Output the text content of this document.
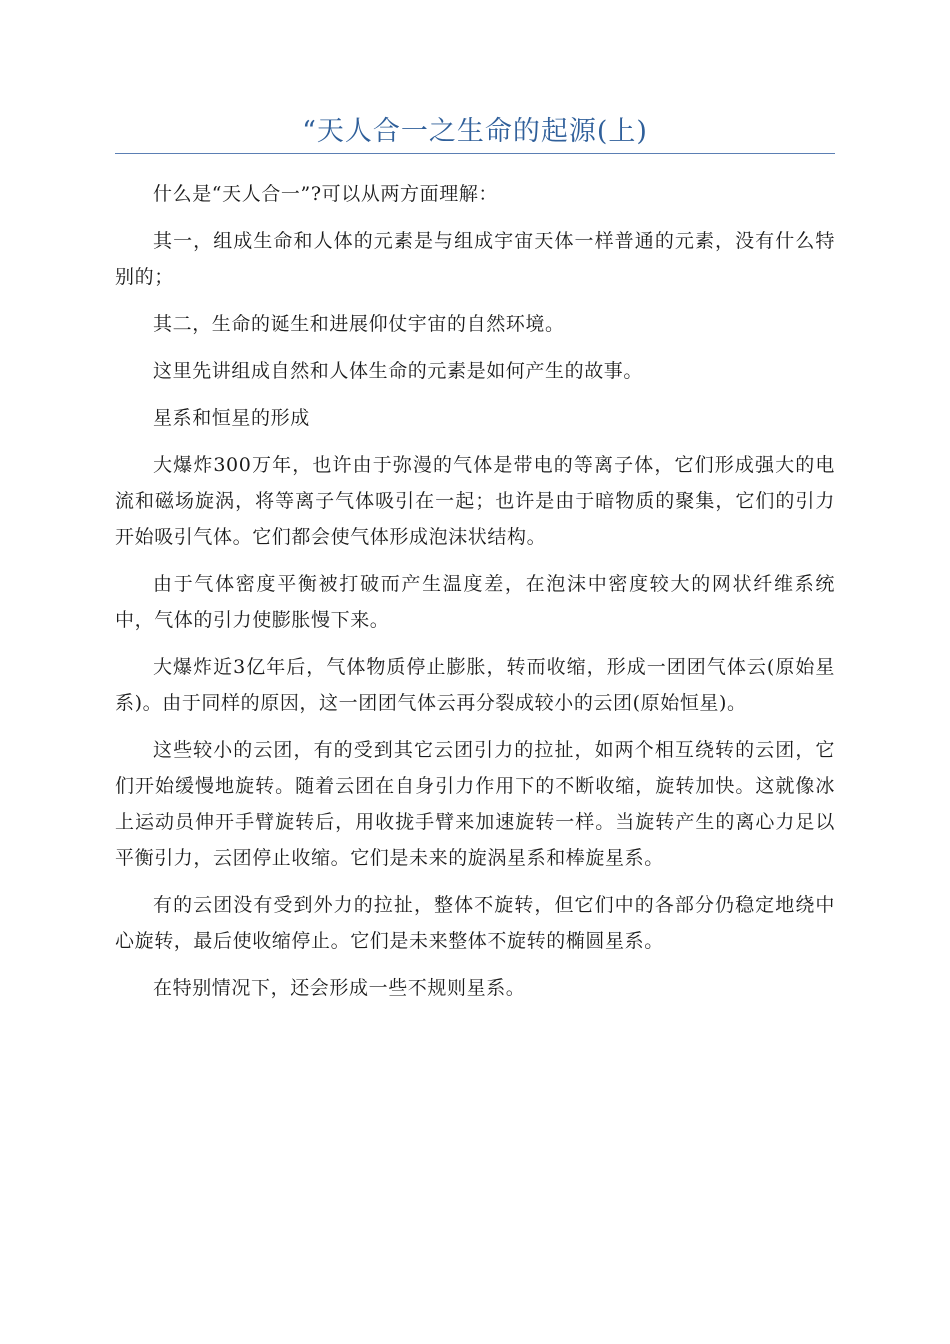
“天人合一之生命的起源(上)

什么是“天人合一”?可以从两方面理解：

其一，组成生命和人体的元素是与组成宇宙天体一样普通的元素，没有什么特别的；

其二，生命的诞生和进展仰仗宇宙的自然环境。

这里先讲组成自然和人体生命的元素是如何产生的故事。

星系和恒星的形成

大爆炸300万年，也许由于弥漫的气体是带电的等离子体，它们形成强大的电流和磁场旋涡，将等离子气体吸引在一起；也许是由于暗物质的聚集，它们的引力开始吸引气体。它们都会使气体形成泡沫状结构。

由于气体密度平衡被打破而产生温度差，在泡沫中密度较大的网状纤维系统中，气体的引力使膨胀慢下来。

大爆炸近3亿年后，气体物质停止膨胀，转而收缩，形成一团团气体云(原始星系)。由于同样的原因，这一团团气体云再分裂成较小的云团(原始恒星)。

这些较小的云团，有的受到其它云团引力的拉扯，如两个相互绕转的云团，它们开始缓慢地旋转。随着云团在自身引力作用下的不断收缩，旋转加快。这就像冰上运动员伸开手臂旋转后，用收拢手臂来加速旋转一样。当旋转产生的离心力足以平衡引力，云团停止收缩。它们是未来的旋涡星系和棒旋星系。

有的云团没有受到外力的拉扯，整体不旋转，但它们中的各部分仍稳定地绕中心旋转，最后使收缩停止。它们是未来整体不旋转的椭圆星系。

在特别情况下，还会形成一些不规则星系。
